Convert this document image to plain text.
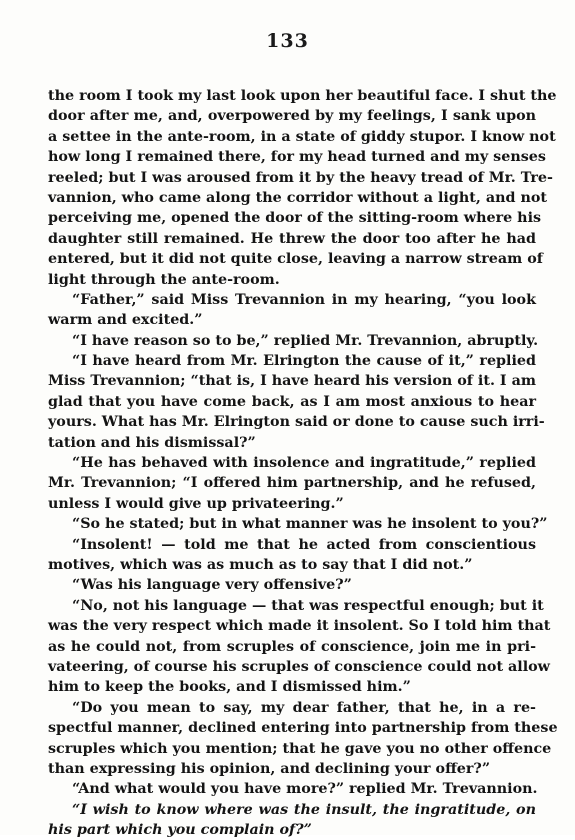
133
the room I took my last look upon her beautiful face. I shut the
door after me, and, overpowered by my feelings, I sank upon
a settee in the ante-room, in a state of giddy stupor. I know not
how long I remained there, for my head turned and my senses
reeled; but I was aroused from it by the heavy tread of Mr. Tre-
vannion, who came along the corridor without a light, and not
perceiving me, opened the door of the sitting-room where his
daughter still remained. He threw the door too after he had
entered, but it did not quite close, leaving a narrow stream of
light through the ante-room.
“Father,” said Miss Trevannion in my hearing, “you look
warm and excited.”
“I have reason so to be,” replied Mr. Trevannion, abruptly.
“I have heard from Mr. Elrington the cause of it,” replied
Miss Trevannion; “that is, I have heard his version of it. I am
glad that you have come back, as I am most anxious to hear
yours. What has Mr. Elrington said or done to cause such irri-
tation and his dismissal?”
“He has behaved with insolence and ingratitude,” replied
Mr. Trevannion; “I offered him partnership, and he refused,
unless I would give up privateering.”
“So he stated; but in what manner was he insolent to you?”
“Insolent! — told me that he acted from conscientious
motives, which was as much as to say that I did not.”
“Was his language very offensive?”
“No, not his language — that was respectful enough; but it
was the very respect which made it insolent. So I told him that
as he could not, from scruples of conscience, join me in pri-
vateering, of course his scruples of conscience could not allow
him to keep the books, and I dismissed him.”
“Do you mean to say, my dear father, that he, in a re-
spectful manner, declined entering into partnership from these
scruples which you mention; that he gave you no other offence
than expressing his opinion, and declining your offer?”
“And what would you have more?” replied Mr. Trevannion.
“I wish to know where was the insult, the ingratitude, on
his part which you complain of?”
